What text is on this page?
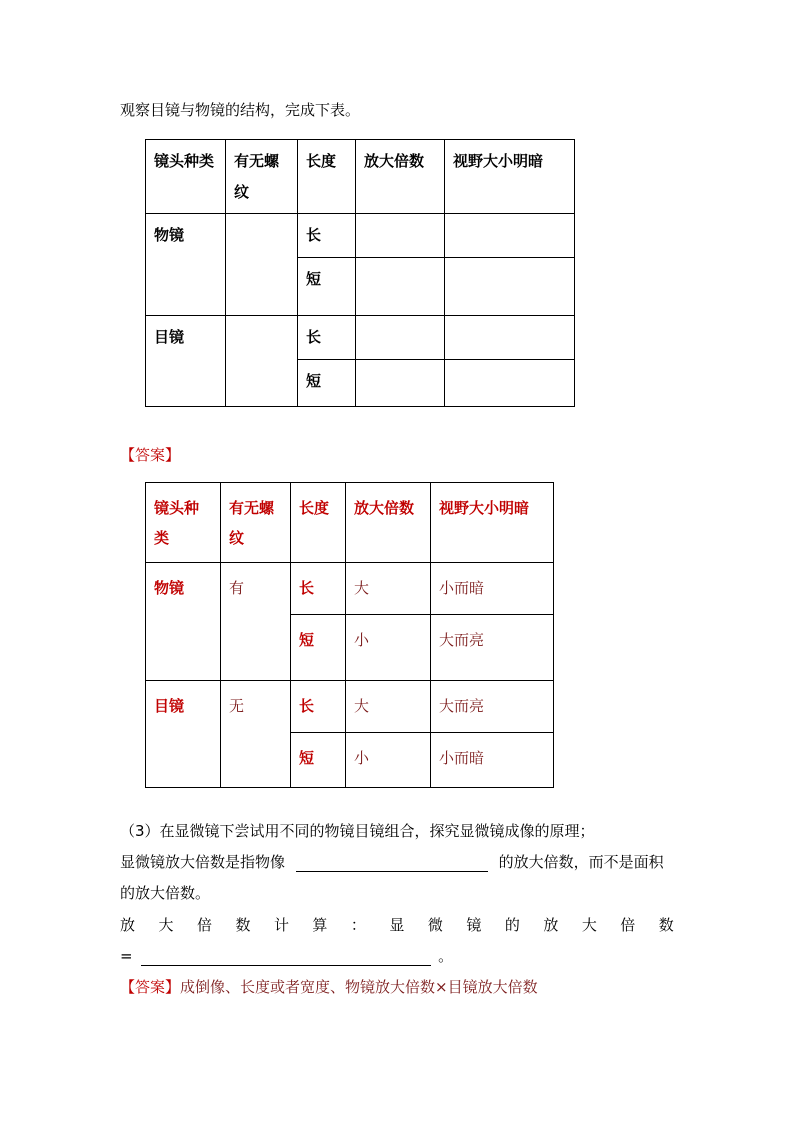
观察目镜与物镜的结构，完成下表。
镜头种类	有无螺纹	长度	放大倍数	视野大小明暗
物镜		长		
		短		
目镜		长		
		短		
【答案】
镜头种类	有无螺纹	长度	放大倍数	视野大小明暗
物镜	有	长	大	小而暗
		短	小	大而亮
目镜	无	长	大	大而亮
		短	小	小而暗
（3）在显微镜下尝试用不同的物镜目镜组合，探究显微镜成像的原理；
显微镜放大倍数是指物像	的放大倍数，而不是面积
的放大倍数。
放 大 倍 数 计 算 ： 显 微 镜 的 放 大 倍 数
=	。
【答案】成倒像、长度或者宽度、物镜放大倍数×目镜放大倍数
